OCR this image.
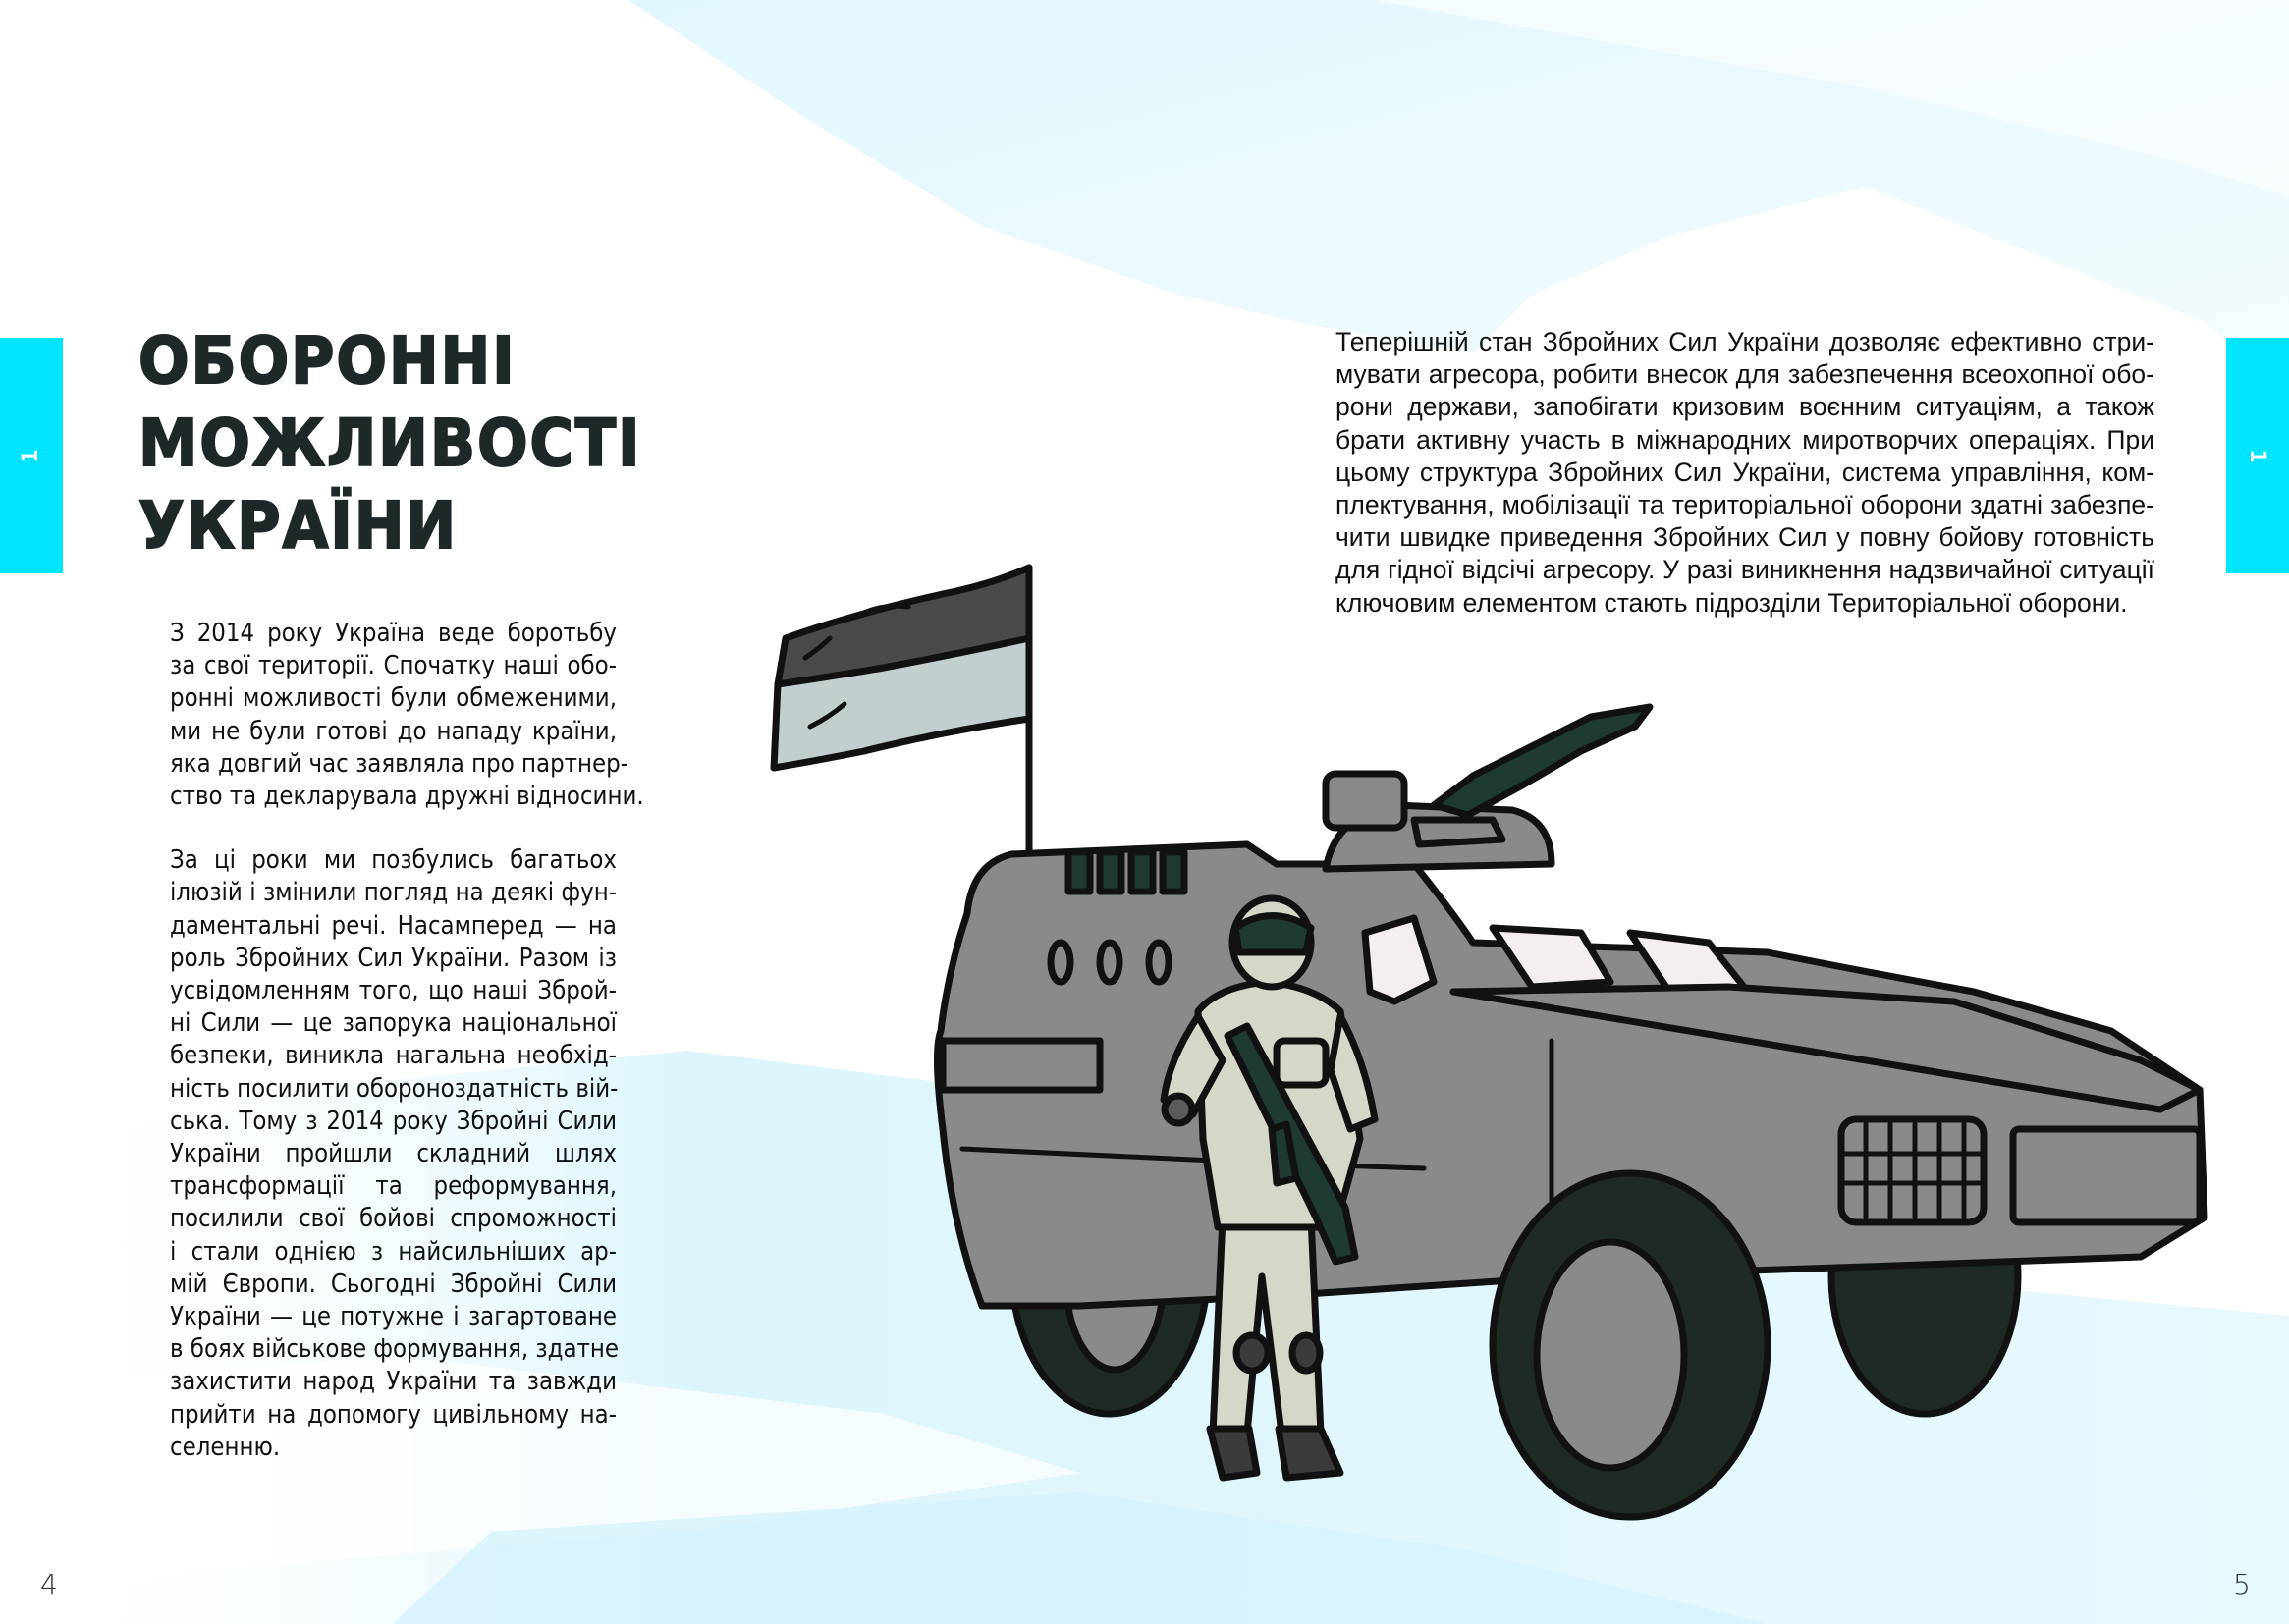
1	1
ОБОРОННІ
МОЖЛИВОСТІ
УКРАЇНИ

З 2014 року Україна веде боротьбу
за свої території. Спочатку наші обо-
ронні можливості були обмеженими,
ми не були готові до нападу країни,
яка довгий час заявляла про партнер-
ство та декларувала дружні відносини.

За ці роки ми позбулись багатьох
ілюзій і змінили погляд на деякі фун-
даментальні речі. Насамперед — на
роль Збройних Сил України. Разом із
усвідомленням того, що наші Зброй-
ні Сили — це запорука національної
безпеки, виникла нагальна необхід-
ність посилити обороноздатність вій-
ська. Тому з 2014 року Збройні Сили
України пройшли складний шлях
трансформації та реформування,
посилили свої бойові спроможності
і стали однією з найсильніших ар-
мій Європи. Сьогодні Збройні Сили
України — це потужне і загартоване
в боях військове формування, здатне
захистити народ України та завжди
прийти на допомогу цивільному на-
селенню.

Теперішній стан Збройних Сил України дозволяє ефективно стри-
мувати агресора, робити внесок для забезпечення всеохопної обо-
рони держави, запобігати кризовим воєнним ситуаціям, а також
брати активну участь в міжнародних миротворчих операціях. При
цьому структура Збройних Сил України, система управління, ком-
плектування, мобілізації та територіальної оборони здатні забезпе-
чити швидке приведення Збройних Сил у повну бойову готовність
для гідної відсічі агресору. У разі виникнення надзвичайної ситуації
ключовим елементом стають підрозділи Територіальної оборони.

4	5
